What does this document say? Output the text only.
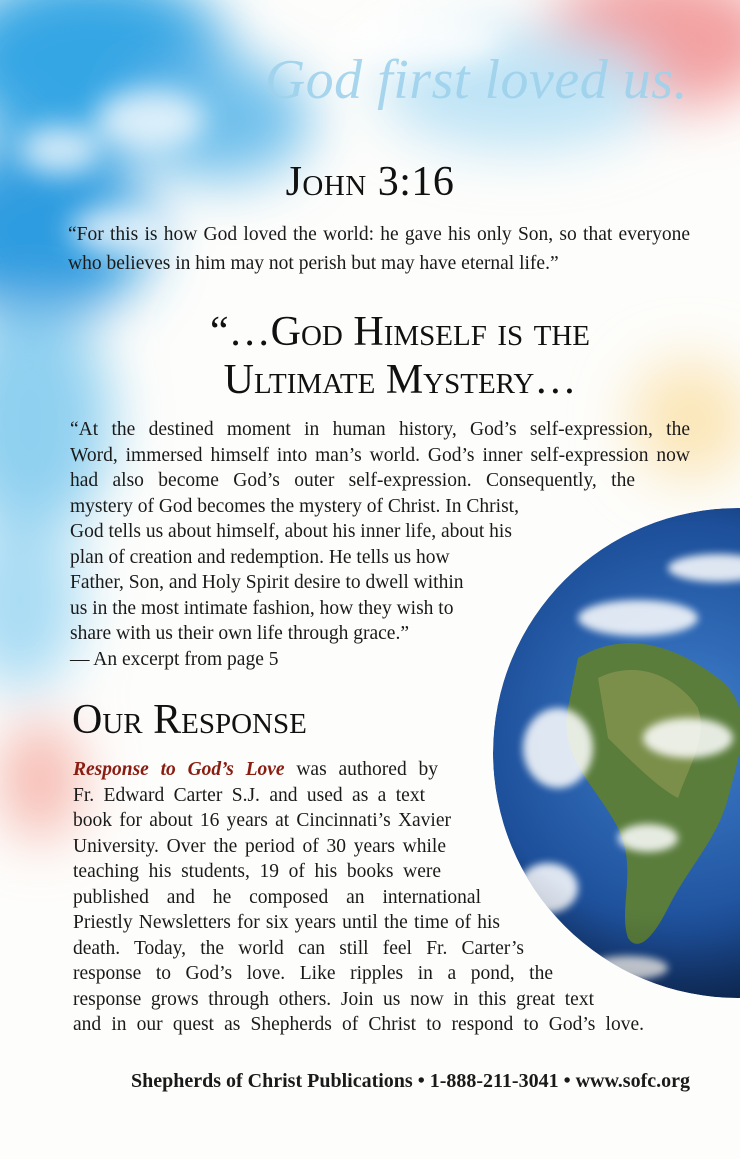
God first loved us.
John 3:16
“For this is how God loved the world: he gave his only Son, so that everyone who believes in him may not perish but may have eternal life.”
“…God Himself is the
Ultimate Mystery…
“At the destined moment in human history, God’s self-expression, the
Word, immersed himself into man’s world. God’s inner self-expression now
had also become God’s outer self-expression. Consequently, the
mystery of God becomes the mystery of Christ. In Christ,
God tells us about himself, about his inner life, about his
plan of creation and redemption. He tells us how
Father, Son, and Holy Spirit desire to dwell within
us in the most intimate fashion, how they wish to
share with us their own life through grace.”
— An excerpt from page 5
Our Response
Response to God’s Love was authored by
Fr. Edward Carter S.J. and used as a text
book for about 16 years at Cincinnati’s Xavier
University. Over the period of 30 years while
teaching his students, 19 of his books were
published and he composed an international
Priestly Newsletters for six years until the time of his
death. Today, the world can still feel Fr. Carter’s
response to God’s love. Like ripples in a pond, the
response grows through others. Join us now in this great text
and in our quest as Shepherds of Christ to respond to God’s love.
Shepherds of Christ Publications • 1-888-211-3041 • www.sofc.org
